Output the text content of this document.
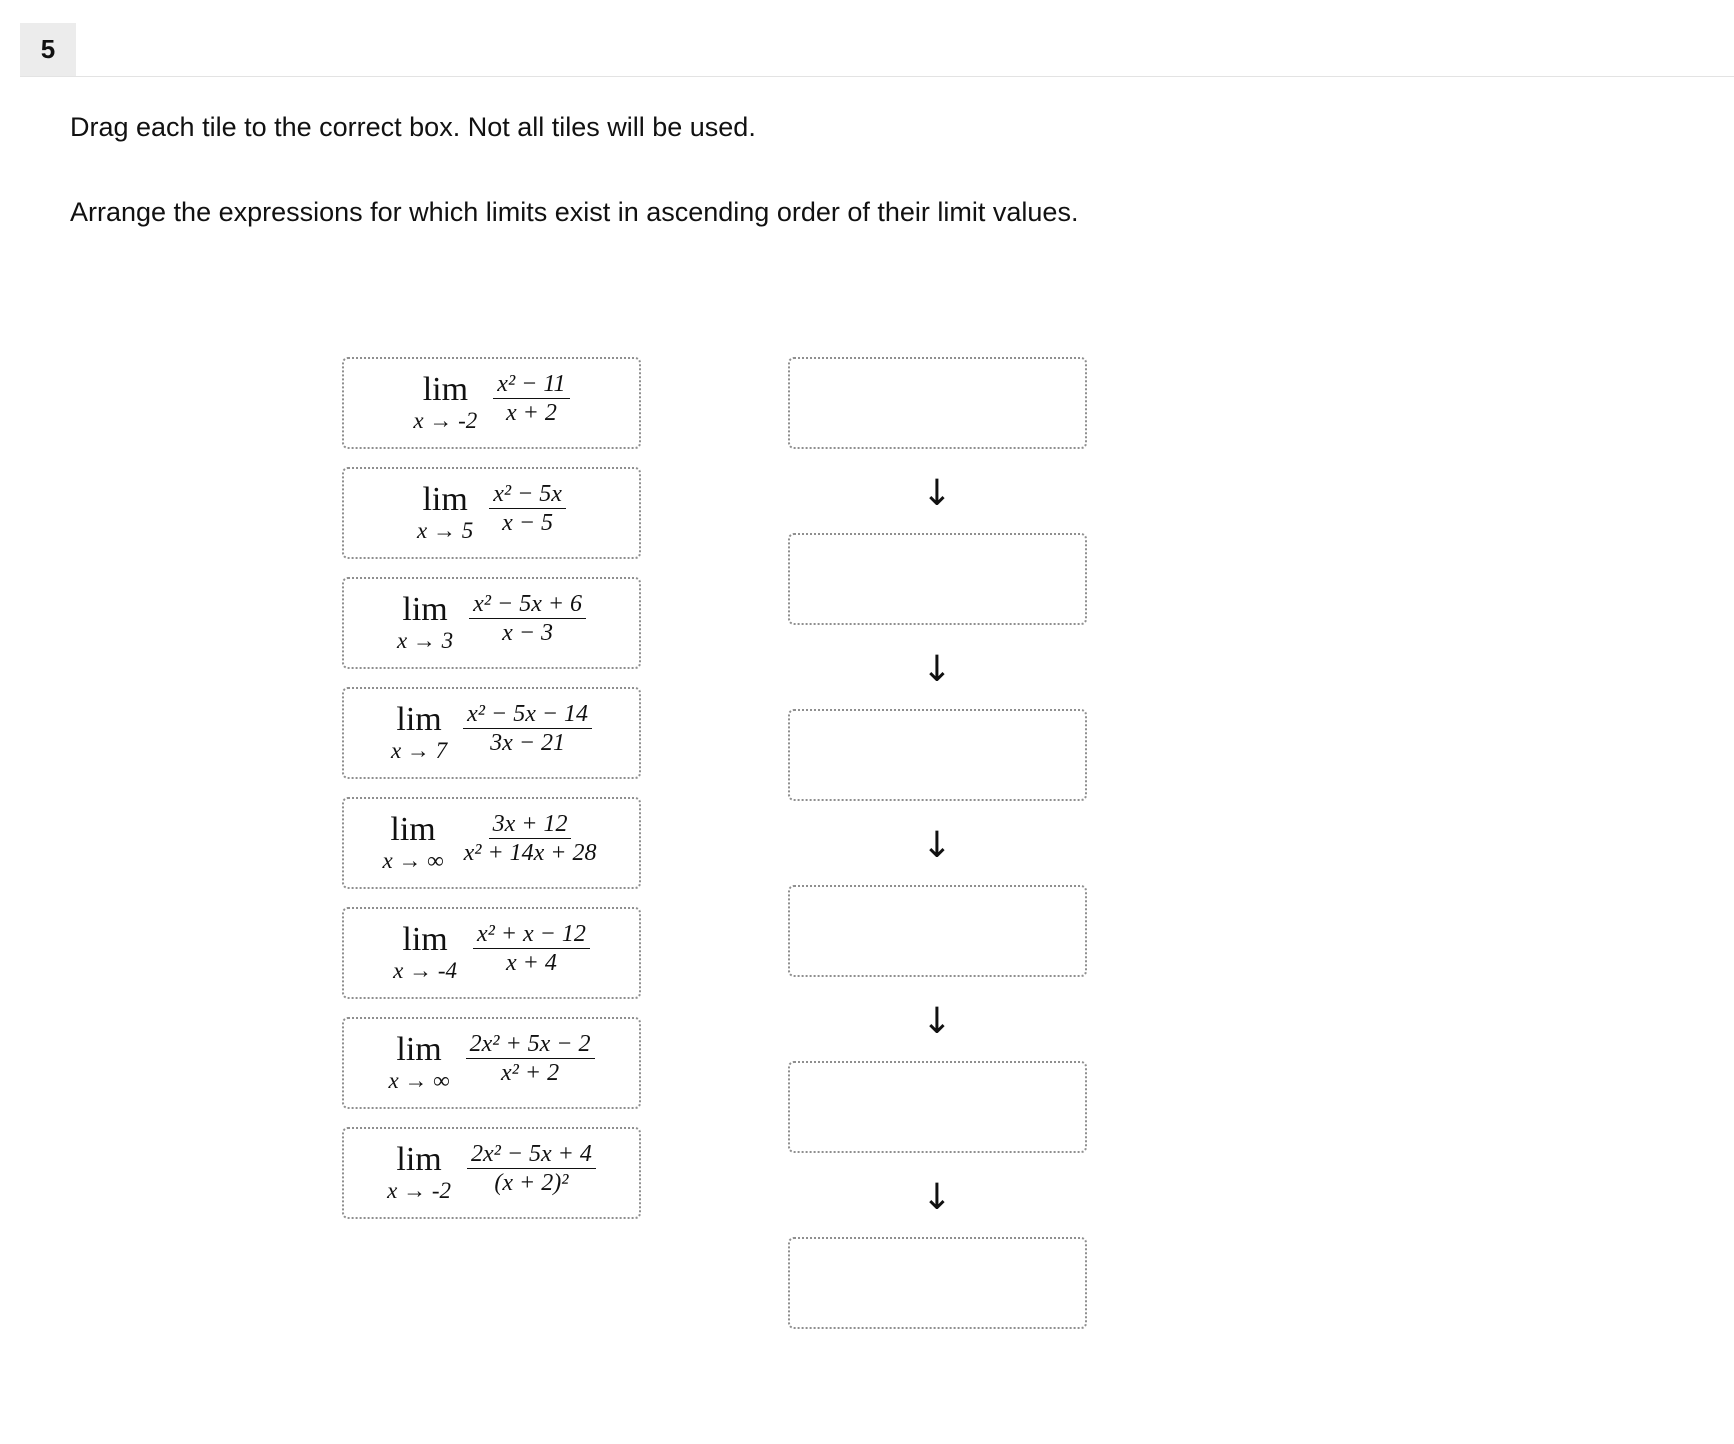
5
Drag each tile to the correct box. Not all tiles will be used.
Arrange the expressions for which limits exist in ascending order of their limit values.
lim
$x \to -2 \frac{\text{x² − 11}}{x + 2}$
lim
$x \to 5 \frac{\text{x² − 5x}}{x - 5}$
lim
$x \to 3 \frac{\text{x² − 5x + 6}}{x - 3}$
lim
$x \to 7 \frac{\text{x² − 5x − 14}}{3x - 21}$
lim
x → ∞ $\frac{3x + 12}{\text{x² + 14x + 28}}$
lim
$x \to -4 \frac{\text{x² + x − 12}}{x + 4}$
lim
x → ∞ $\frac{\text{2x² + 5x − 2}}{\text{x² + 2}}$
lim
$x \to -2 \frac{\text{2x² − 5x + 4}}{\text{(x + 2)²}}$
↓
↓
↓
↓
↓
